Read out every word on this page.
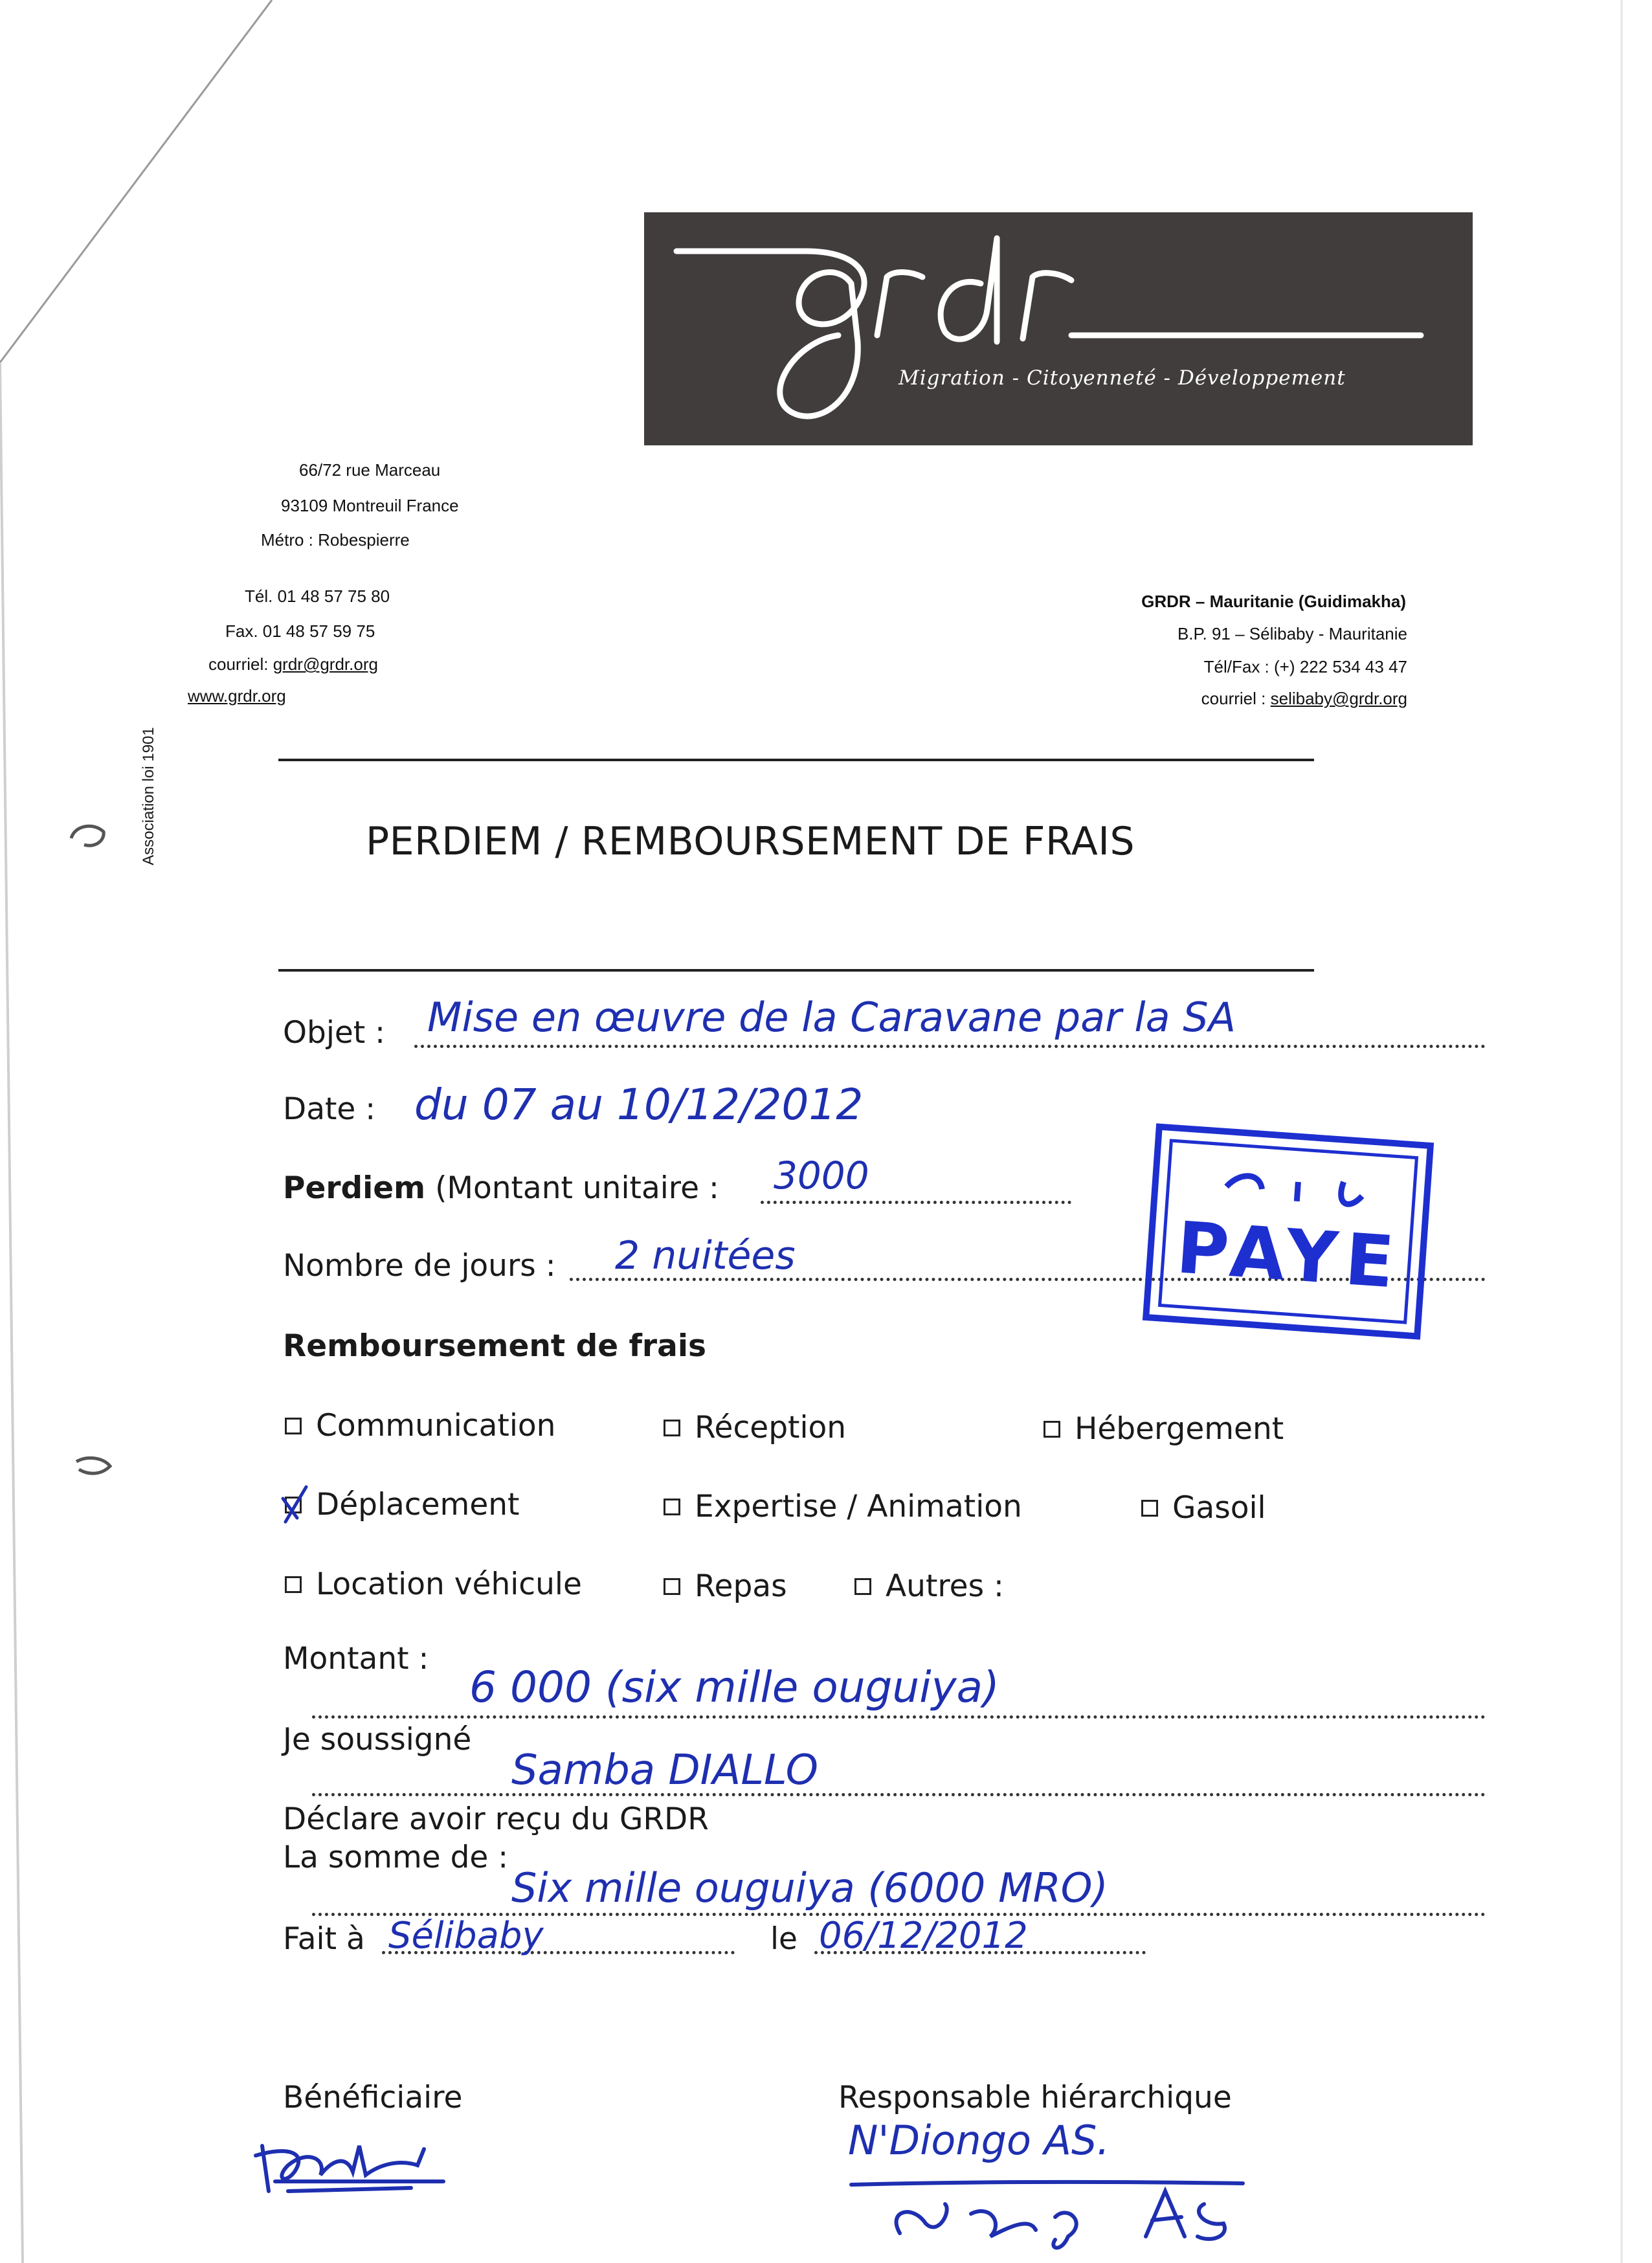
Migration - Citoyenneté - Développement
66/72 rue Marceau
93109 Montreuil France
Métro : Robespierre
Tél. 01 48 57 75 80
Fax. 01 48 57 59 75
courriel: grdr@grdr.org
www.grdr.org
GRDR – Mauritanie (Guidimakha)
B.P. 91 – Sélibaby - Mauritanie
Tél/Fax : (+) 222 534 43 47
courriel : selibaby@grdr.org
Association loi 1901	PERDIEM / REMBOURSEMENT DE FRAIS
Objet : Mise en œuvre de la Caravane par la SA
Date : du 07 au 10/12/2012
Perdiem (Montant unitaire : 3000
Nombre de jours : 2 nuitées	PAYE
Remboursement de frais
Communication	Réception	Hébergement
Déplacement	Expertise / Animation	Gasoil
Location véhicule	Repas	Autres :
Montant :
6 000 (six mille ouguiya)
Je soussigné
Samba DIALLO
Déclare avoir reçu du GRDR
La somme de :
Six mille ouguiya (6000 MRO)
Fait à Sélibaby	le 06/12/2012
Bénéficiaire	Responsable hiérarchique
N'Diongo AS.
